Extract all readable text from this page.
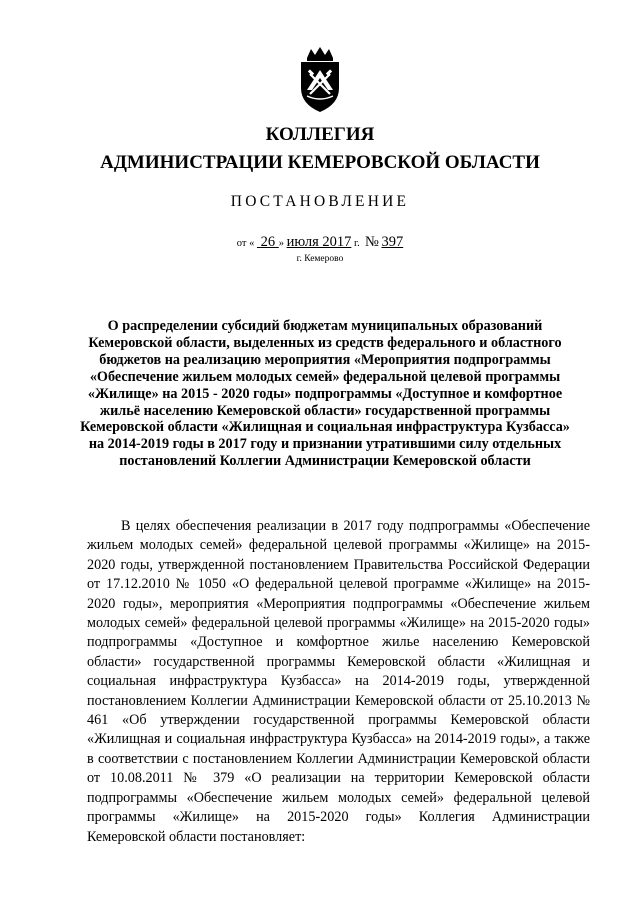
КОЛЛЕГИЯ
АДМИНИСТРАЦИИ КЕМЕРОВСКОЙ ОБЛАСТИ
ПОСТАНОВЛЕНИЕ
от « 26 » июля 2017 г. № 397
г. Кемерово
О распределении субсидий бюджетам муниципальных образований Кемеровской области, выделенных из средств федерального и областного бюджетов на реализацию мероприятия «Мероприятия подпрограммы «Обеспечение жильем молодых семей» федеральной целевой программы «Жилище» на 2015 - 2020 годы» подпрограммы «Доступное и комфортное жильё населению Кемеровской области» государственной программы Кемеровской области «Жилищная и социальная инфраструктура Кузбасса» на 2014-2019 годы в 2017 году и признании утратившими силу отдельных постановлений Коллегии Администрации Кемеровской области

В целях обеспечения реализации в 2017 году подпрограммы «Обеспечение жильем молодых семей» федеральной целевой программы «Жилище» на 2015-2020 годы, утвержденной постановлением Правительства Российской Федерации от 17.12.2010 № 1050 «О федеральной целевой программе «Жилище» на 2015-2020 годы», мероприятия «Мероприятия подпрограммы «Обеспечение жильем молодых семей» федеральной целевой программы «Жилище» на 2015-2020 годы» подпрограммы «Доступное и комфортное жилье населению Кемеровской области» государственной программы Кемеровской области «Жилищная и социальная инфраструктура Кузбасса» на 2014-2019 годы, утвержденной постановлением Коллегии Администрации Кемеровской области от 25.10.2013 № 461 «Об утверждении государственной программы Кемеровской области «Жилищная и социальная инфраструктура Кузбасса» на 2014-2019 годы», а также в соответствии с постановлением Коллегии Администрации Кемеровской области от 10.08.2011 № 379 «О реализации на территории Кемеровской области подпрограммы «Обеспечение жильем молодых семей» федеральной целевой программы «Жилище» на 2015-2020 годы» Коллегия Администрации Кемеровской области постановляет:
